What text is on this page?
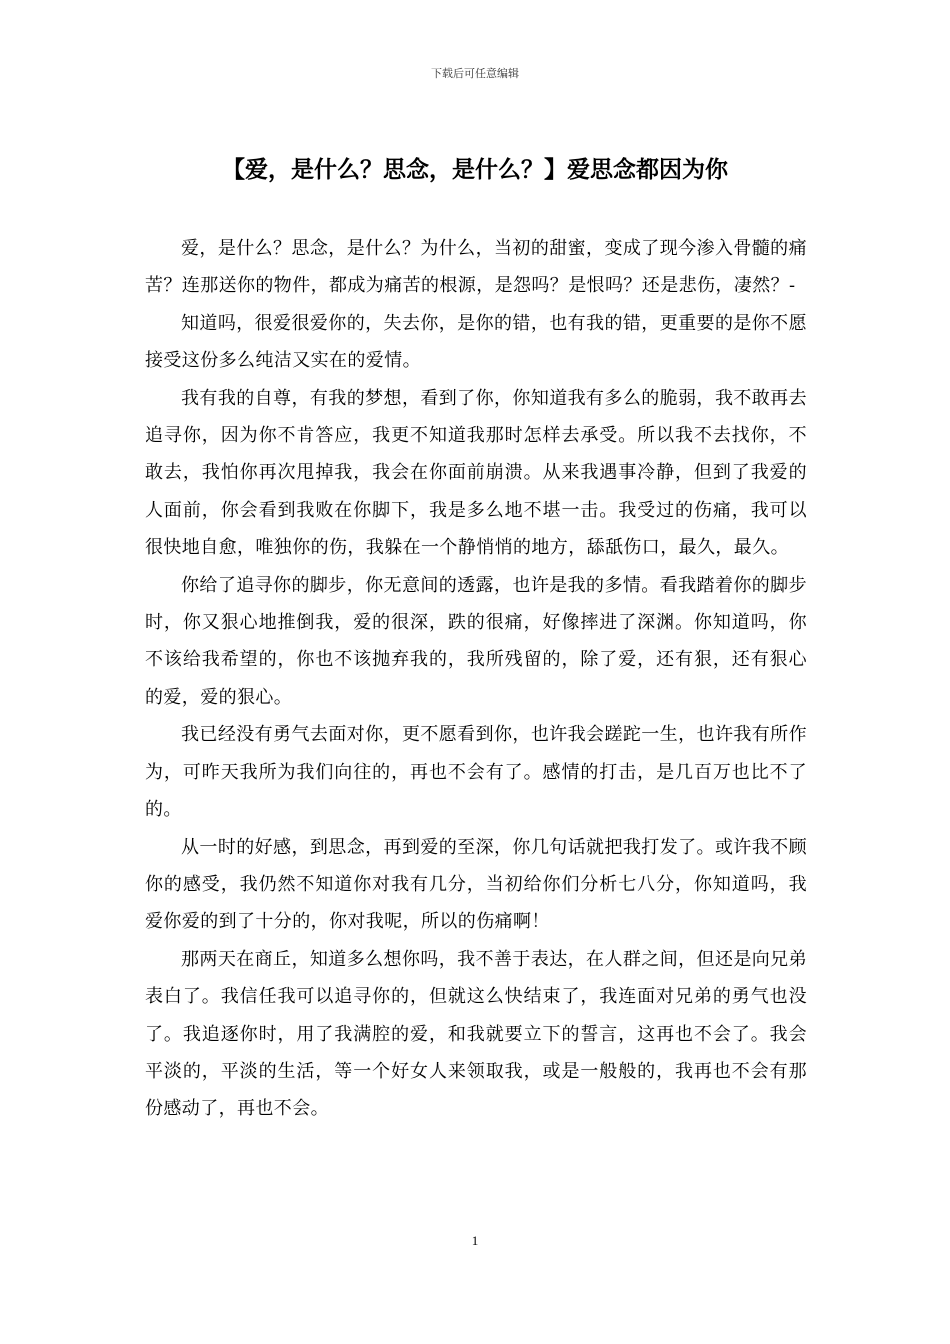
下载后可任意编辑
【爱，是什么？思念，是什么？】爱思念都因为你

爱，是什么？思念，是什么？为什么，当初的甜蜜，变成了现今渗入骨髓的痛苦？连那送你的物件，都成为痛苦的根源，是怨吗？是恨吗？还是悲伤，凄然？-

知道吗，很爱很爱你的，失去你，是你的错，也有我的错，更重要的是你不愿接受这份多么纯洁又实在的爱情。

我有我的自尊，有我的梦想，看到了你，你知道我有多么的脆弱，我不敢再去追寻你，因为你不肯答应，我更不知道我那时怎样去承受。所以我不去找你，不敢去，我怕你再次甩掉我，我会在你面前崩溃。从来我遇事冷静，但到了我爱的人面前，你会看到我败在你脚下，我是多么地不堪一击。我受过的伤痛，我可以很快地自愈，唯独你的伤，我躲在一个静悄悄的地方，舔舐伤口，最久，最久。

你给了追寻你的脚步，你无意间的透露，也许是我的多情。看我踏着你的脚步时，你又狠心地推倒我，爱的很深，跌的很痛，好像摔进了深渊。你知道吗，你不该给我希望的，你也不该抛弃我的，我所残留的，除了爱，还有狠，还有狠心的爱，爱的狠心。

我已经没有勇气去面对你，更不愿看到你，也许我会蹉跎一生，也许我有所作为，可昨天我所为我们向往的，再也不会有了。感情的打击，是几百万也比不了的。

从一时的好感，到思念，再到爱的至深，你几句话就把我打发了。或许我不顾你的感受，我仍然不知道你对我有几分，当初给你们分析七八分，你知道吗，我爱你爱的到了十分的，你对我呢，所以的伤痛啊！

那两天在商丘，知道多么想你吗，我不善于表达，在人群之间，但还是向兄弟表白了。我信任我可以追寻你的，但就这么快结束了，我连面对兄弟的勇气也没了。我追逐你时，用了我满腔的爱，和我就要立下的誓言，这再也不会了。我会平淡的，平淡的生活，等一个好女人来领取我，或是一般般的，我再也不会有那份感动了，再也不会。

1
